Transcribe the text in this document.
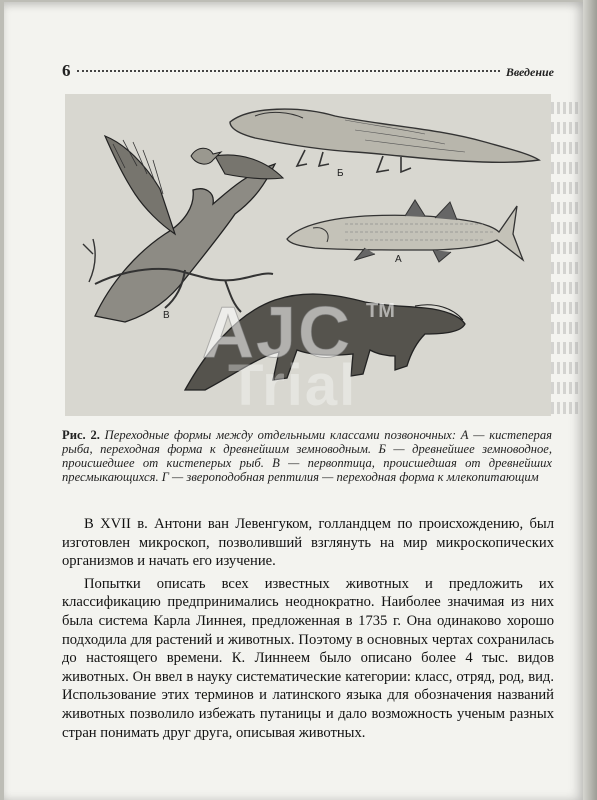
6	Введение
Б
А
В AJC TM
Trial
Рис. 2. Переходные формы между отдельными классами позвоночных: А — кистеперая рыба, переходная форма к древнейшим земноводным. Б — древнейшее земноводное, происшедшее от кистеперых рыб. В — первоптица, происшедшая от древнейших пресмыкающихся. Г — звероподобная рептилия — переходная форма к млекопитающим

В XVII в. Антони ван Левенгуком, голландцем по происхождению, был изготовлен микроскоп, позволивший взглянуть на мир микроскопических организмов и начать его изучение.

Попытки описать всех известных животных и предложить их классификацию предпринимались неоднократно. Наиболее значимая из них была система Карла Линнея, предложенная в 1735 г. Она одинаково хорошо подходила для растений и животных. Поэтому в основных чертах сохранилась до настоящего времени. К. Линнеем было описано более 4 тыс. видов животных. Он ввел в науку систематические категории: класс, отряд, род, вид. Использование этих терминов и латинского языка для обозначения названий животных позволило избежать путаницы и дало возможность ученым разных стран понимать друг друга, описывая животных.
